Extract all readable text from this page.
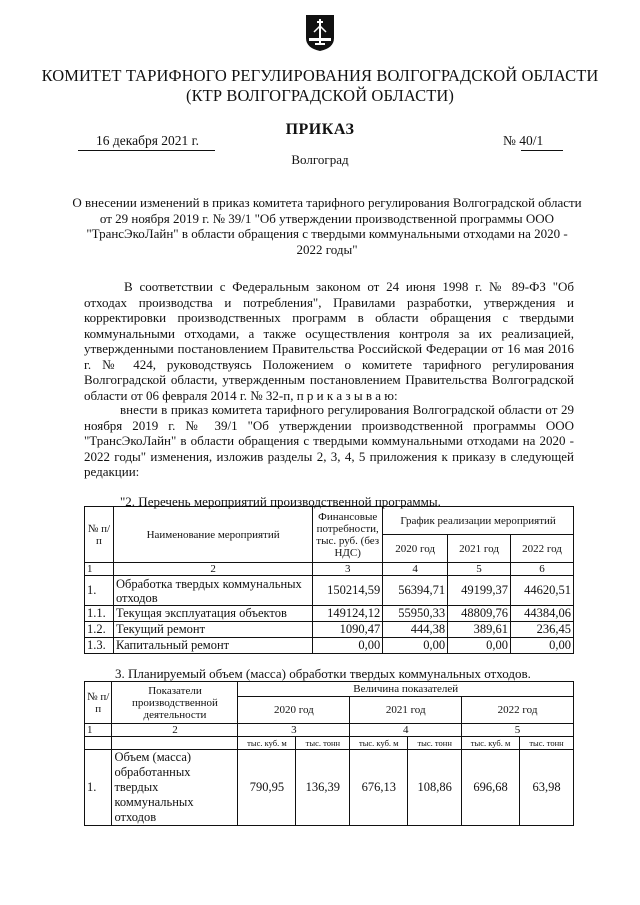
КОМИТЕТ ТАРИФНОГО РЕГУЛИРОВАНИЯ ВОЛГОГРАДСКОЙ ОБЛАСТИ
(КТР ВОЛГОГРАДСКОЙ ОБЛАСТИ)
ПРИКАЗ
16 декабря 2021 г.	№ 40/1
Волгоград
О внесении изменений в приказ комитета тарифного регулирования Волгоградской области от 29 ноября 2019 г. № 39/1 "Об утверждении производственной программы ООО "ТрансЭкоЛайн" в области обращения с твердыми коммунальными отходами на 2020 - 2022 годы"
В соответствии с Федеральным законом от 24 июня 1998 г. № 89-ФЗ "Об отходах производства и потребления", Правилами разработки, утверждения и корректировки производственных программ в области обращения с твердыми коммунальными отходами, а также осуществления контроля за их реализацией, утвержденными постановлением Правительства Российской Федерации от 16 мая 2016 г. № 424, руководствуясь Положением о комитете тарифного регулирования Волгоградской области, утвержденным постановлением Правительства Волгоградской области от 06 февраля 2014 г. № 32-п, п р и к а з ы в а ю:
внести в приказ комитета тарифного регулирования Волгоградской области от 29 ноября 2019 г. № 39/1 "Об утверждении производственной программы ООО "ТрансЭкоЛайн" в области обращения с твердыми коммунальными отходами на 2020 - 2022 годы" изменения, изложив разделы 2, 3, 4, 5 приложения к приказу в следующей редакции:
"2. Перечень мероприятий производственной программы.
№ п/п	Наименование мероприятий	Финансовые потребности, тыс. руб. (без НДС)	График реализации мероприятий		
			2020 год	2021 год	2022 год
1	2	3	4	5	6
1.	Обработка твердых коммунальных отходов	150214,59	56394,71	49199,37	44620,51
1.1.	Текущая эксплуатация объектов	149124,12	55950,33	48809,76	44384,06
1.2.	Текущий ремонт	1090,47	444,38	389,61	236,45
1.3.	Капитальный ремонт	0,00	0,00	0,00	0,00
3. Планируемый объем (масса) обработки твердых коммунальных отходов.
№ п/п	Показатели производственной деятельности	Величина показателей					
		2020 год		2021 год		2022 год	
1	2	3		4		5	
		тыс. куб. м	тыс. тонн	тыс. куб. м	тыс. тонн	тыс. куб. м	тыс. тонн
1.	Объем (масса) обработанных твердых коммунальных отходов	790,95	136,39	676,13	108,86	696,68	63,98
